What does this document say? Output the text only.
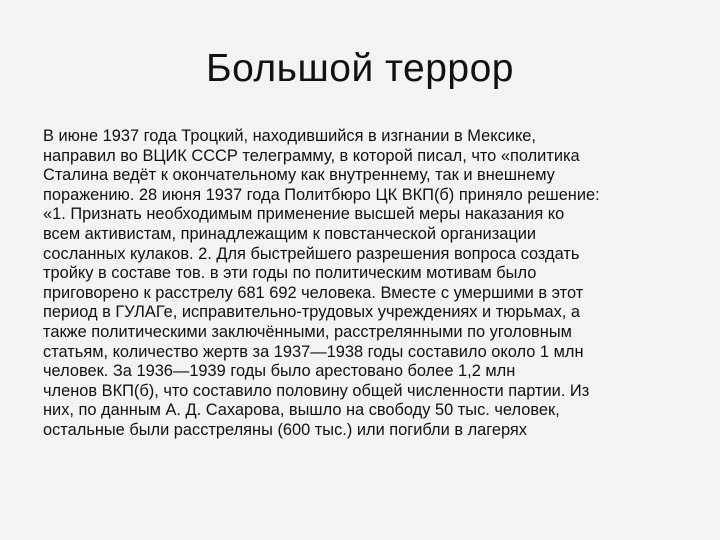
Большой террор
В июне 1937 года Троцкий, находившийся в изгнании в Мексике,
направил во ВЦИК СССР телеграмму, в которой писал, что «политика
Сталина ведёт к окончательному как внутреннему, так и внешнему
поражению. 28 июня 1937 года Политбюро ЦК ВКП(б) приняло решение:
«1. Признать необходимым применение высшей меры наказания ко
всем активистам, принадлежащим к повстанческой организации
сосланных кулаков. 2. Для быстрейшего разрешения вопроса создать
тройку в составе тов. в эти годы по политическим мотивам было
приговорено к расстрелу 681 692 человека. Вместе с умершими в этот
период в ГУЛАГе, исправительно-трудовых учреждениях и тюрьмах, а
также политическими заключёнными, расстрелянными по уголовным
статьям, количество жертв за 1937—1938 годы составило около 1 млн
человек. За 1936—1939 годы было арестовано более 1,2 млн
членов ВКП(б), что составило половину общей численности партии. Из
них, по данным А. Д. Сахарова, вышло на свободу 50 тыс. человек,
остальные были расстреляны (600 тыс.) или погибли в лагерях
